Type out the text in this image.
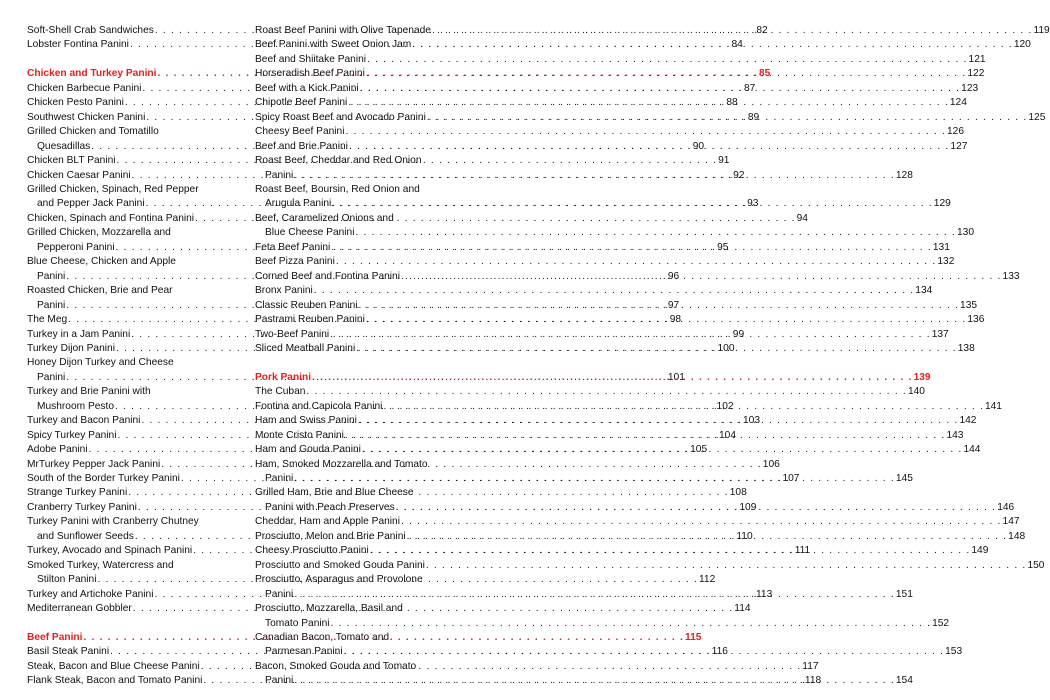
Soft-Shell Crab Sandwiches . . .	82
Lobster Fontina Panini . . .	84
Chicken and Turkey Panini . . .	85
Chicken Barbecue Panini . . .	87
Chicken Pesto Panini . . .	88
Southwest Chicken Panini . . .	89
Grilled Chicken and Tomatillo
Quesadillas . . .	90
Chicken BLT Panini . . .	91
Chicken Caesar Panini . . .	92
Grilled Chicken, Spinach, Red Pepper
and Pepper Jack Panini . . .	93
Chicken, Spinach and Fontina Panini . . .	94
Grilled Chicken, Mozzarella and
Pepperoni Panini . . .	95
Blue Cheese, Chicken and Apple
Panini . . .	96
Roasted Chicken, Brie and Pear
Panini . . .	97
The Meg . . .	98
Turkey in a Jam Panini . . .	99
Turkey Dijon Panini . . .	100
Honey Dijon Turkey and Cheese
Panini . . .	101
Turkey and Brie Panini with
Mushroom Pesto . . .	102
Turkey and Bacon Panini . . .	103
Spicy Turkey Panini . . .	104
Adobe Panini . . .	105
MrTurkey Pepper Jack Panini . . .	106
South of the Border Turkey Panini . . .	107
Strange Turkey Panini . . .	108
Cranberry Turkey Panini . . .	109
Turkey Panini with Cranberry Chutney
and Sunflower Seeds . . .	110
Turkey, Avocado and Spinach Panini . . .	111
Smoked Turkey, Watercress and
Stilton Panini . . .	112
Turkey and Artichoke Panini . . .	113
Mediterranean Gobbler . . .	114
Beef Panini . . .	115
Basil Steak Panini . . .	116
Steak, Bacon and Blue Cheese Panini . . .	117
Flank Steak, Bacon and Tomato Panini . . .	118
Roast Beef Panini with Olive Tapenade . . .	119
Beef Panini with Sweet Onion Jam . . .	120
Beef and Shiitake Panini . . .	121
Horseradish Beef Panini . . .	122
Beef with a Kick Panini . . .	123
Chipotle Beef Panini . . .	124
Spicy Roast Beef and Avocado Panini . . .	125
Cheesy Beef Panini . . .	126
Beef and Brie Panini . . .	127
Roast Beef, Cheddar and Red Onion
Panini . . .	128
Roast Beef, Boursin, Red Onion and
Arugula Panini . . .	129
Beef, Caramelized Onions and
Blue Cheese Panini . . .	130
Feta Beef Panini . . .	131
Beef Pizza Panini . . .	132
Corned Beef and Fontina Panini . . .	133
Bronx Panini . . .	134
Classic Reuben Panini . . .	135
Pastrami Reuben Panini . . .	136
Two-Beef Panini . . .	137
Sliced Meatball Panini . . .	138
Pork Panini . . .	139
The Cuban . . .	140
Fontina and Capicola Panini . . .	141
Ham and Swiss Panini . . .	142
Monte Cristo Panini . . .	143
Ham and Gouda Panini . . .	144
Ham, Smoked Mozzarella and Tomato
Panini . . .	145
Grilled Ham, Brie and Blue Cheese
Panini with Peach Preserves . . .	146
Cheddar, Ham and Apple Panini . . .	147
Prosciutto, Melon and Brie Panini . . .	148
Cheesy Prosciutto Panini . . .	149
Prosciutto and Smoked Gouda Panini . . .	150
Prosciutto, Asparagus and Provolone
Panini . . .	151
Prosciutto, Mozzarella, Basil and
Tomato Panini . . .	152
Canadian Bacon, Tomato and
Parmesan Panini . . .	153
Bacon, Smoked Gouda and Tomato
Panini . . .	154
